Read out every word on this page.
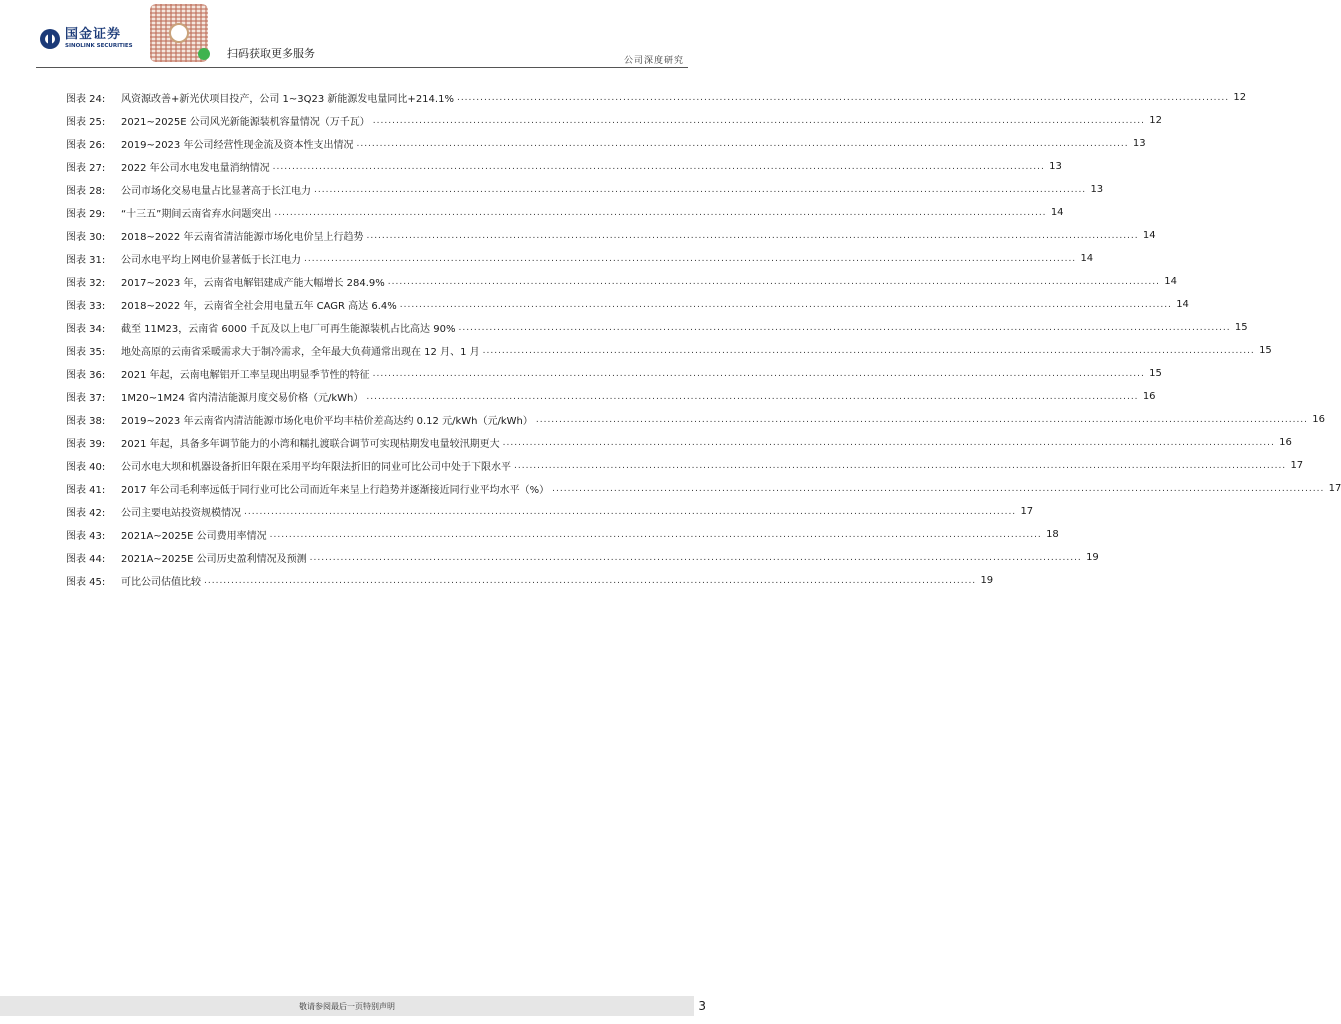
国金证券
SINOLINK SECURITIES
扫码获取更多服务
公司深度研究
图表 24:	风资源改善+新光伏项目投产，公司 1~3Q23 新能源发电量同比+214.1% ........................................................................................................................................................................................................ 12
图表 25:	2021~2025E 公司风光新能源装机容量情况（万千瓦） ........................................................................................................................................................................................................ 12
图表 26:	2019~2023 年公司经营性现金流及资本性支出情况 ........................................................................................................................................................................................................ 13
图表 27:	2022 年公司水电发电量消纳情况 ........................................................................................................................................................................................................ 13
图表 28:	公司市场化交易电量占比显著高于长江电力 ........................................................................................................................................................................................................ 13
图表 29:	“十三五”期间云南省弃水问题突出 ........................................................................................................................................................................................................ 14
图表 30:	2018~2022 年云南省清洁能源市场化电价呈上行趋势 ........................................................................................................................................................................................................ 14
图表 31:	公司水电平均上网电价显著低于长江电力 ........................................................................................................................................................................................................ 14
图表 32:	2017~2023 年，云南省电解铝建成产能大幅增长 284.9% ........................................................................................................................................................................................................ 14
图表 33:	2018~2022 年，云南省全社会用电量五年 CAGR 高达 6.4% ........................................................................................................................................................................................................ 14
图表 34:	截至 11M23，云南省 6000 千瓦及以上电厂可再生能源装机占比高达 90% ........................................................................................................................................................................................................ 15
图表 35:	地处高原的云南省采暖需求大于制冷需求，全年最大负荷通常出现在 12 月、1 月 ........................................................................................................................................................................................................ 15
图表 36:	2021 年起，云南电解铝开工率呈现出明显季节性的特征 ........................................................................................................................................................................................................ 15
图表 37:	1M20~1M24 省内清洁能源月度交易价格（元/kWh） ........................................................................................................................................................................................................ 16
图表 38:	2019~2023 年云南省内清洁能源市场化电价平均丰枯价差高达约 0.12 元/kWh（元/kWh） ........................................................................................................................................................................................................ 16
图表 39:	2021 年起，具备多年调节能力的小湾和糯扎渡联合调节可实现枯期发电量较汛期更大 ........................................................................................................................................................................................................ 16
图表 40:	公司水电大坝和机器设备折旧年限在采用平均年限法折旧的同业可比公司中处于下限水平 ........................................................................................................................................................................................................ 17
图表 41:	2017 年公司毛利率远低于同行业可比公司而近年来呈上行趋势并逐渐接近同行业平均水平（%） ........................................................................................................................................................................................................ 17
图表 42:	公司主要电站投资规模情况 ........................................................................................................................................................................................................ 17
图表 43:	2021A~2025E 公司费用率情况 ........................................................................................................................................................................................................ 18
图表 44:	2021A~2025E 公司历史盈利情况及预测 ........................................................................................................................................................................................................ 19
图表 45:	可比公司估值比较 ........................................................................................................................................................................................................ 19
敬请参阅最后一页特别声明	3
